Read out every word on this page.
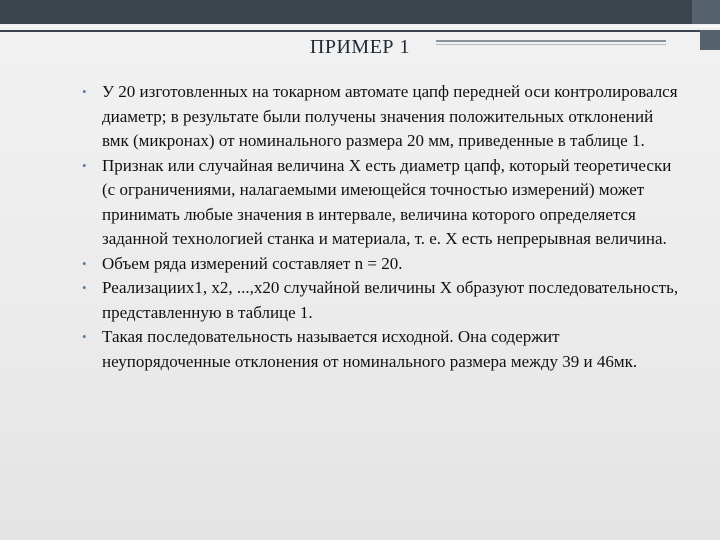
ПРИМЕР 1
• У 20 изготовленных на токарном автомате цапф передней оси контролировался диаметр; в результате были получены значения положительных отклонений вмк (микронах) от номинального размера 20 мм, приведенные в таблице 1.
• Признак или случайная величина X есть диаметр цапф, который теоретически (с ограничениями, налагаемыми имеющейся точностью измерений) может принимать любые значения в интервале, величина которого определяется заданной технологией станка и материала, т. е. X есть непрерывная величина.
• Объем ряда измерений составляет n = 20.
• Реализациих1, x2, ...,x20 случайной величины X образуют последовательность, представленную в таблице 1.
• Такая последовательность называется исходной. Она содержит неупорядоченные отклонения от номинального размера между 39 и 46мк.
